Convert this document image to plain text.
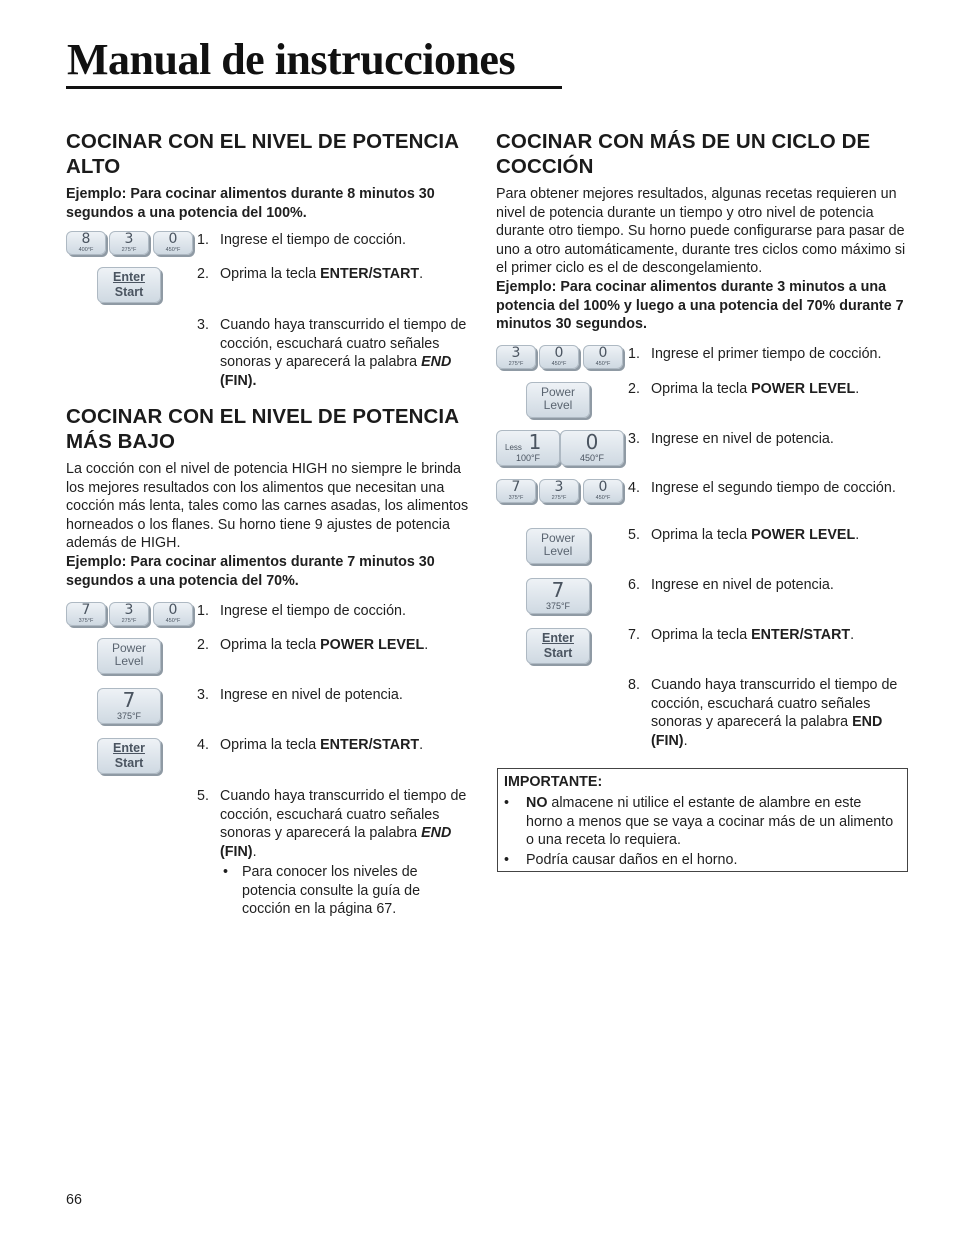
Manual de instrucciones
COCINAR CON EL NIVEL DE POTENCIA ALTO

Ejemplo: Para cocinar alimentos durante 8 minutos 30 segundos a una potencia del 100%.

8
400°F
3
275°F
0
450°F
1. Ingrese el tiempo de cocción.
Enter
Start
2. Oprima la tecla ENTER/START.
3. Cuando haya transcurrido el tiempo de cocción, escuchará cuatro señales sonoras y aparecerá la palabra END
(FIN).
COCINAR CON EL NIVEL DE POTENCIA MÁS BAJO

La cocción con el nivel de potencia HIGH no siempre le brinda los mejores resultados con los alimentos que necesitan una cocción más lenta, tales como las carnes asadas, los alimentos horneados o los flanes. Su horno tiene 9 ajustes de potencia además de HIGH.

Ejemplo: Para cocinar alimentos durante 7 minutos 30 segundos a una potencia del 70%.

7
375°F
3
275°F
0
450°F
1. Ingrese el tiempo de cocción.
Power
Level
2. Oprima la tecla POWER LEVEL.
7
375°F
3. Ingrese en nivel de potencia.
Enter
Start
4. Oprima la tecla ENTER/START.
5. Cuando haya transcurrido el tiempo de cocción, escuchará cuatro señales sonoras y aparecerá la palabra END
(FIN).
• Para conocer los niveles de potencia consulte la guía de cocción en la página 67.
COCINAR CON MÁS DE UN CICLO DE COCCIÓN

Para obtener mejores resultados, algunas recetas requieren un nivel de potencia durante un tiempo y otro nivel de potencia durante otro tiempo. Su horno puede configurarse para pasar de uno a otro automáticamente, durante tres ciclos como máximo si el primer ciclo es el de descongelamiento.

Ejemplo: Para cocinar alimentos durante 3 minutos a una potencia del 100% y luego a una potencia del 70% durante 7 minutos 30 segundos.

3
275°F
0
450°F
0
450°F
1. Ingrese el primer tiempo de cocción.
Power
Level
2. Oprima la tecla POWER LEVEL.
Less 1
100°F
0
450°F
3. Ingrese en nivel de potencia.
7
375°F
3
275°F
0
450°F
4. Ingrese el segundo tiempo de cocción.
Power
Level
5. Oprima la tecla POWER LEVEL.
7
375°F
6. Ingrese en nivel de potencia.
Enter
Start
7. Oprima la tecla ENTER/START.
8. Cuando haya transcurrido el tiempo de cocción, escuchará cuatro señales sonoras y aparecerá la palabra END (FIN).
IMPORTANTE:
• NO almacene ni utilice el estante de alambre en este horno a menos que se vaya a cocinar más de un alimento o una receta lo requiera.
• Podría causar daños en el horno.
66
